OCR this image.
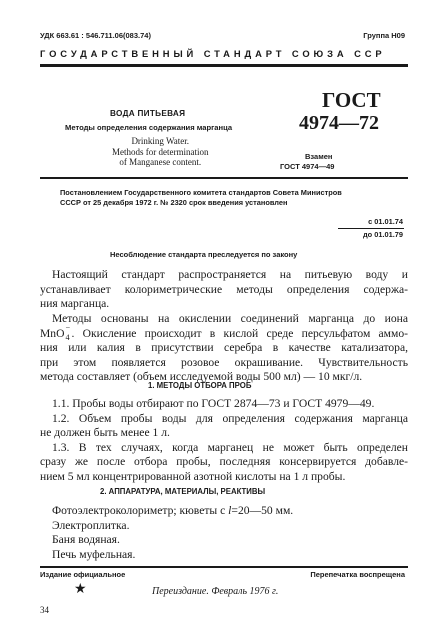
УДК 663.61 : 546.711.06(083.74)	Группа Н09
ГОСУДАРСТВЕННЫЙ СТАНДАРТ СОЮЗА ССР
ВОДА ПИТЬЕВАЯ
Методы определения содержания марганца
Drinking Water.
Methods for determination
of Manganese content.
ГОСТ
4974—72
Взамен
ГОСТ 4974—49
Постановлением Государственного комитета стандартов Совета Министров
СССР от 25 декабря 1972 г. № 2320 срок введения установлен
с 01.01.74
до 01.01.79
Несоблюдение стандарта преследуется по закону
Настоящий стандарт распространяется на питьевую воду и
устанавливает колориметрические методы определения содержа-
ния марганца.
Методы основаны на окислении соединений марганца до иона
MnO −
4 . Окисление происходит в кислой среде персульфатом аммо-
ния или калия в присутствии серебра в качестве катализатора,
при этом появляется розовое окрашивание. Чувствительность
метода составляет (объем исследуемой воды 500 мл) — 10 мкг/л.
1. МЕТОДЫ ОТБОРА ПРОБ
1.1. Пробы воды отбирают по ГОСТ 2874—73 и ГОСТ 4979—49.
1.2. Объем пробы воды для определения содержания марганца
не должен быть менее 1 л.
1.3. В тех случаях, когда марганец не может быть определен
сразу же после отбора пробы, последняя консервируется добавле-
нием 5 мл концентрированной азотной кислоты на 1 л пробы.
2. АППАРАТУРА, МАТЕРИАЛЫ, РЕАКТИВЫ
Фотоэлектроколориметр; кюветы с l=20—50 мм.
Электроплитка.
Баня водяная.
Печь муфельная.
Издание официальное	Перепечатка воспрещена
★	Переиздание. Февраль 1976 г.
34
